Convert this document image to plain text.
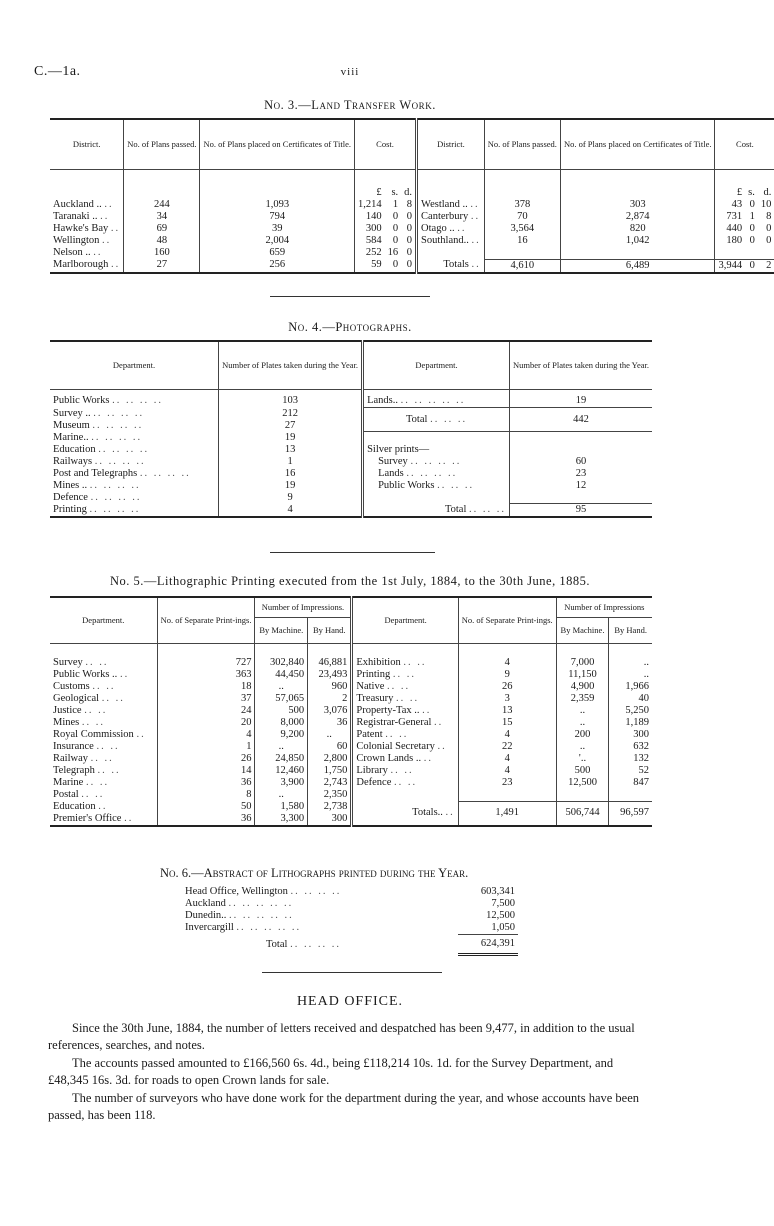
C.—1a.	viii
No. 3.—Land Transfer Work.
District.	No. of Plans passed.	No. of Plans placed on Certificates of Title.	Cost.			District.	No. of Plans passed.	No. of Plans placed on Certificates of Title.	Cost.		

			£	s.	d.				£	s.	d.
Auckland .. ..	244	1,093	1,214	1	8	Westland .. ..	378	303	43	0	10
Taranaki .. ..	34	794	140	0	0	Canterbury ..	70	2,874	731	1	8
Hawke's Bay ..	69	39	300	0	0	Otago .. ..	3,564	820	440	0	0
Wellington ..	48	2,004	584	0	0	Southland.. ..	16	1,042	180	0	0
Nelson .. ..	160	659	252	16	0						
Marlborough ..	27	256	59	0	0	Totals ..	4,610	6,489	3,944	0	2
No. 4.—Photographs.
Department.	Number of Plates taken during the Year.	Department.	Number of Plates taken during the Year.

Public Works .. .. .. ..	103	Lands.. .. .. .. .. ..	19
Survey .. .. .. .. ..	212	Total .. .. ..	442
Museum .. .. .. ..	27		
Marine.. .. .. .. ..	19		
Education .. .. .. ..	13	Silver prints—	
Railways .. .. .. ..	1	Survey .. .. .. ..	60
Post and Telegraphs .. .. .. ..	16	Lands .. .. .. ..	23
Mines .. .. .. .. ..	19	Public Works .. .. ..	12
Defence .. .. .. ..	9		
Printing .. .. .. ..	4	Total .. .. ..	95
No. 5.—Lithographic Printing executed from the 1st July, 1884, to the 30th June, 1885.
Department.	No. of Separate Print-ings.	Number of Impressions.		Department.	No. of Separate Print-ings.	Number of Impressions	
		By Machine.	By Hand.			By Machine.	By Hand.

Survey .. ..	727	302,840	46,881	Exhibition .. ..	4	7,000	..
Public Works .. ..	363	44,450	23,493	Printing .. ..	9	11,150	..
Customs .. ..	18	..	960	Native .. ..	26	4,900	1,966
Geological .. ..	37	57,065	2	Treasury .. ..	3	2,359	40
Justice .. ..	24	500	3,076	Property-Tax .. ..	13	..	5,250
Mines .. ..	20	8,000	36	Registrar-General ..	15	..	1,189
Royal Commission ..	4	9,200	..	Patent .. ..	4	200	300
Insurance .. ..	1	..	60	Colonial Secretary ..	22	..	632
Railway .. ..	26	24,850	2,800	Crown Lands .. ..	4	'..	132
Telegraph .. ..	14	12,460	1,750	Library .. ..	4	500	52
Marine .. ..	36	3,900	2,743	Defence .. ..	23	12,500	847
Postal .. ..	8	..	2,350				
Education ..	50	1,580	2,738	Totals.. ..	1,491	506,744	96,597
Premier's Office ..	36	3,300	300				

No. 6.—Abstract of Lithographs printed during the Year.
Head Office, Wellington .. .. .. ..	603,341
Auckland .. .. .. .. ..	7,500
Dunedin.. .. .. .. .. ..	12,500
Invercargill .. .. .. .. ..	1,050
Total .. .. .. ..	624,391
HEAD OFFICE.

Since the 30th June, 1884, the number of letters received and despatched has been 9,477, in addition to the usual references, searches, and notes.

The accounts passed amounted to £166,560 6s. 4d., being £118,214 10s. 1d. for the Survey Department, and £48,345 16s. 3d. for roads to open Crown lands for sale.

The number of surveyors who have done work for the department during the year, and whose accounts have been passed, has been 118.
